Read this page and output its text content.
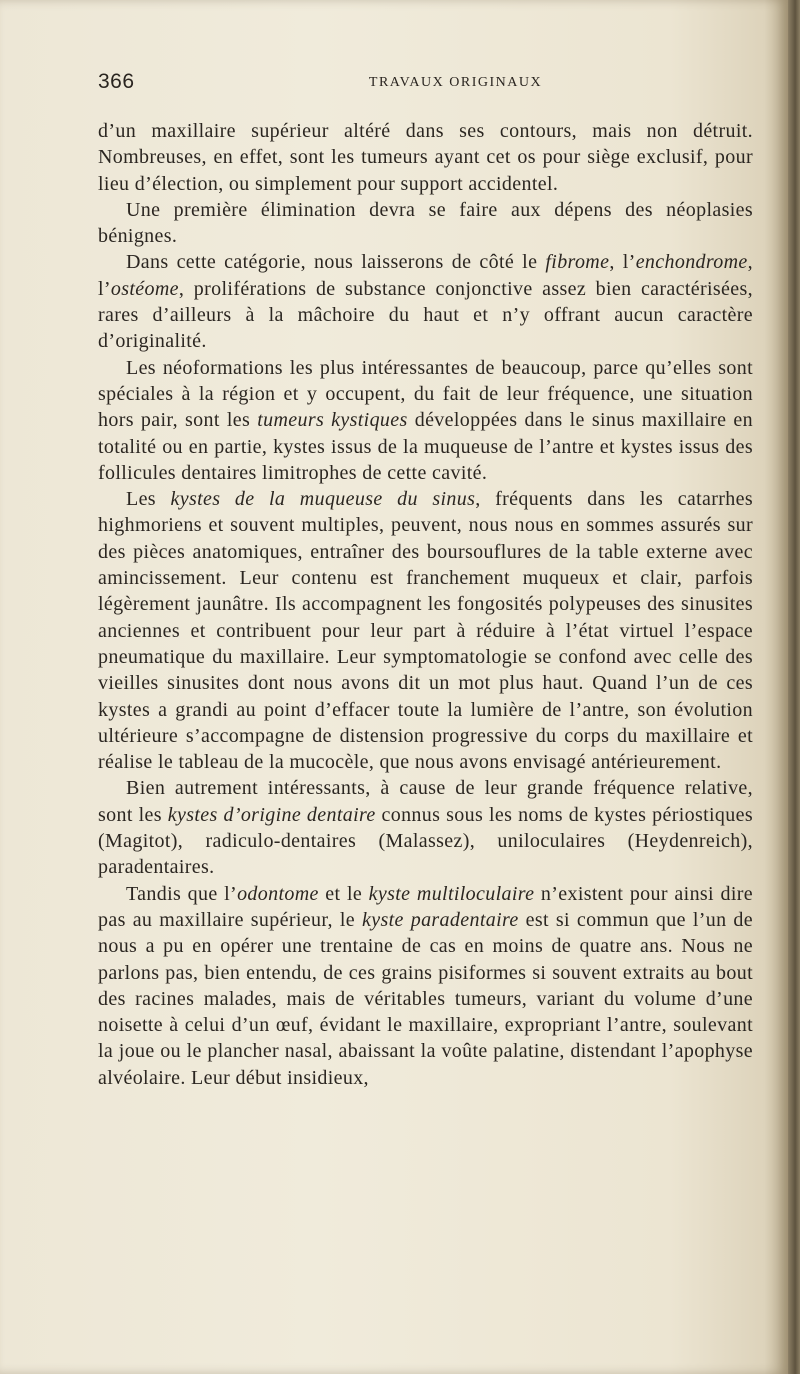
366	TRAVAUX ORIGINAUX

d’un maxillaire supérieur altéré dans ses contours, mais non détruit. Nombreuses, en effet, sont les tumeurs ayant cet os pour siège exclusif, pour lieu d’élection, ou simplement pour support accidentel.

Une première élimination devra se faire aux dépens des néoplasies bénignes.

Dans cette catégorie, nous laisserons de côté le fibrome, l’enchondrome, l’ostéome, proliférations de substance conjonctive assez bien caractérisées, rares d’ailleurs à la mâchoire du haut et n’y offrant aucun caractère d’originalité.

Les néoformations les plus intéressantes de beaucoup, parce qu’elles sont spéciales à la région et y occupent, du fait de leur fréquence, une situation hors pair, sont les tumeurs kystiques développées dans le sinus maxillaire en totalité ou en partie, kystes issus de la muqueuse de l’antre et kystes issus des follicules dentaires limitrophes de cette cavité.

Les kystes de la muqueuse du sinus, fréquents dans les catarrhes highmoriens et souvent multiples, peuvent, nous nous en sommes assurés sur des pièces anatomiques, entraîner des boursouflures de la table externe avec amincissement. Leur contenu est franchement muqueux et clair, parfois légèrement jaunâtre. Ils accompagnent les fongosités polypeuses des sinusites anciennes et contribuent pour leur part à réduire à l’état virtuel l’espace pneumatique du maxillaire. Leur symptomatologie se confond avec celle des vieilles sinusites dont nous avons dit un mot plus haut. Quand l’un de ces kystes a grandi au point d’effacer toute la lumière de l’antre, son évolution ultérieure s’accompagne de distension progressive du corps du maxillaire et réalise le tableau de la mucocèle, que nous avons envisagé antérieurement.

Bien autrement intéressants, à cause de leur grande fréquence relative, sont les kystes d’origine dentaire connus sous les noms de kystes périostiques (Magitot), radiculo-dentaires (Malassez), uniloculaires (Heydenreich), paradentaires.

Tandis que l’odontome et le kyste multiloculaire n’existent pour ainsi dire pas au maxillaire supérieur, le kyste paradentaire est si commun que l’un de nous a pu en opérer une trentaine de cas en moins de quatre ans. Nous ne parlons pas, bien entendu, de ces grains pisiformes si souvent extraits au bout des racines malades, mais de véritables tumeurs, variant du volume d’une noisette à celui d’un œuf, évidant le maxillaire, expropriant l’antre, soulevant la joue ou le plancher nasal, abaissant la voûte palatine, distendant l’apophyse alvéolaire. Leur début insidieux,
